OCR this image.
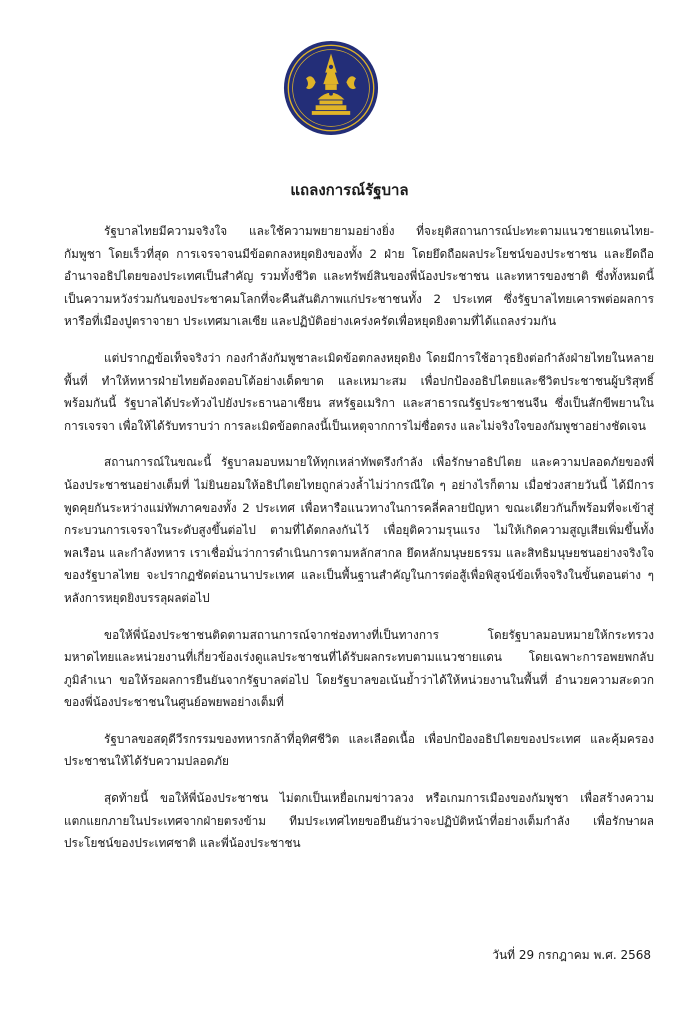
แถลงการณ์รัฐบาล

รัฐบาลไทยมีความจริงใจ และใช้ความพยายามอย่างยิ่ง ที่จะยุติสถานการณ์ปะทะตามแนวชายแดนไทย-กัมพูชา โดยเร็วที่สุด การเจรจาจนมีข้อตกลงหยุดยิงของทั้ง 2 ฝ่าย โดยยึดถือผลประโยชน์ของประชาชน และยึดถืออำนาจอธิปไตยของประเทศเป็นสำคัญ รวมทั้งชีวิต และทรัพย์สินของพี่น้องประชาชน และทหารของชาติ ซึ่งทั้งหมดนี้เป็นความหวังร่วมกันของประชาคมโลกที่จะคืนสันติภาพแก่ประชาชนทั้ง 2 ประเทศ ซึ่งรัฐบาลไทยเคารพต่อผลการหารือที่เมืองปูตราจายา ประเทศมาเลเซีย และปฏิบัติอย่างเคร่งครัดเพื่อหยุดยิงตามที่ได้แถลงร่วมกัน

แต่ปรากฏข้อเท็จจริงว่า กองกำลังกัมพูชาละเมิดข้อตกลงหยุดยิง โดยมีการใช้อาวุธยิงต่อกำลังฝ่ายไทยในหลายพื้นที่ ทำให้ทหารฝ่ายไทยต้องตอบโต้อย่างเด็ดขาด และเหมาะสม เพื่อปกป้องอธิปไตยและชีวิตประชาชนผู้บริสุทธิ์ พร้อมกันนี้ รัฐบาลได้ประท้วงไปยังประธานอาเซียน สหรัฐอเมริกา และสาธารณรัฐประชาชนจีน ซึ่งเป็นสักขีพยานในการเจรจา เพื่อให้ได้รับทราบว่า การละเมิดข้อตกลงนี้เป็นเหตุจากการไม่ซื่อตรง และไม่จริงใจของกัมพูชาอย่างชัดเจน

สถานการณ์ในขณะนี้ รัฐบาลมอบหมายให้ทุกเหล่าทัพตรึงกำลัง เพื่อรักษาอธิปไตย และความปลอดภัยของพี่น้องประชาชนอย่างเต็มที่ ไม่ยินยอมให้อธิปไตยไทยถูกล่วงล้ำไม่ว่ากรณีใด ๆ อย่างไรก็ตาม เมื่อช่วงสายวันนี้ ได้มีการพูดคุยกันระหว่างแม่ทัพภาคของทั้ง 2 ประเทศ เพื่อหารือแนวทางในการคลี่คลายปัญหา ขณะเดียวกันก็พร้อมที่จะเข้าสู่กระบวนการเจรจาในระดับสูงขึ้นต่อไป ตามที่ได้ตกลงกันไว้ เพื่อยุติความรุนแรง ไม่ให้เกิดความสูญเสียเพิ่มขึ้นทั้งพลเรือน และกำลังทหาร เราเชื่อมั่นว่าการดำเนินการตามหลักสากล ยึดหลักมนุษยธรรม และสิทธิมนุษยชนอย่างจริงใจของรัฐบาลไทย จะปรากฏชัดต่อนานาประเทศ และเป็นพื้นฐานสำคัญในการต่อสู้เพื่อพิสูจน์ข้อเท็จจริงในขั้นตอนต่าง ๆ หลังการหยุดยิงบรรลุผลต่อไป

ขอให้พี่น้องประชาชนติดตามสถานการณ์จากช่องทางที่เป็นทางการ โดยรัฐบาลมอบหมายให้กระทรวงมหาดไทยและหน่วยงานที่เกี่ยวข้องเร่งดูแลประชาชนที่ได้รับผลกระทบตามแนวชายแดน โดยเฉพาะการอพยพกลับภูมิลำเนา ขอให้รอผลการยืนยันจากรัฐบาลต่อไป โดยรัฐบาลขอเน้นย้ำว่าได้ให้หน่วยงานในพื้นที่ อำนวยความสะดวกของพี่น้องประชาชนในศูนย์อพยพอย่างเต็มที่

รัฐบาลขอสดุดีวีรกรรมของทหารกล้าที่อุทิศชีวิต และเลือดเนื้อ เพื่อปกป้องอธิปไตยของประเทศ และคุ้มครองประชาชนให้ได้รับความปลอดภัย

สุดท้ายนี้ ขอให้พี่น้องประชาชน ไม่ตกเป็นเหยื่อเกมข่าวลวง หรือเกมการเมืองของกัมพูชา เพื่อสร้างความแตกแยกภายในประเทศจากฝ่ายตรงข้าม ทีมประเทศไทยขอยืนยันว่าจะปฏิบัติหน้าที่อย่างเต็มกำลัง เพื่อรักษาผลประโยชน์ของประเทศชาติ และพี่น้องประชาชน

วันที่ 29 กรกฎาคม พ.ศ. 2568
